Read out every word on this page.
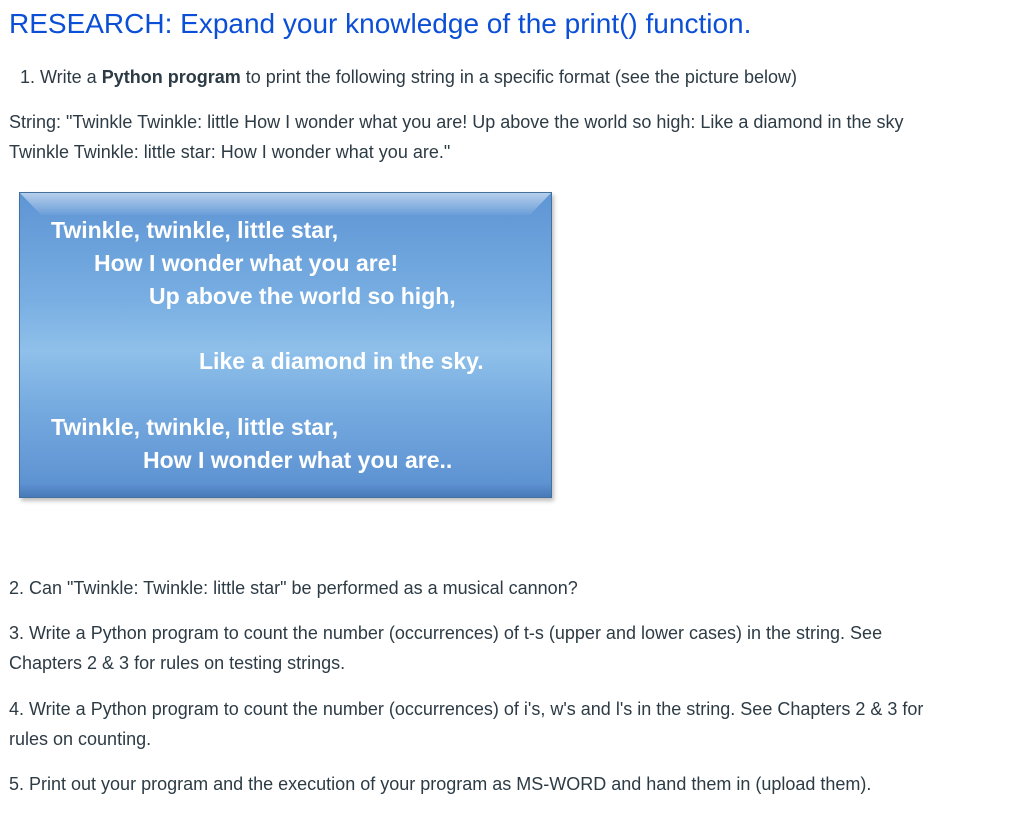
RESEARCH: Expand your knowledge of the print() function.

1. Write a Python program to print the following string in a specific format (see the picture below)

String: "Twinkle Twinkle: little How I wonder what you are! Up above the world so high: Like a diamond in the sky
Twinkle Twinkle: little star: How I wonder what you are."

Twinkle, twinkle, little star,

How I wonder what you are!

Up above the world so high,

Like a diamond in the sky.

Twinkle, twinkle, little star,

How I wonder what you are..

2. Can "Twinkle: Twinkle: little star" be performed as a musical cannon?

3. Write a Python program to count the number (occurrences) of t-s (upper and lower cases) in the string. See
Chapters 2 & 3 for rules on testing strings.

4. Write a Python program to count the number (occurrences) of i's, w's and l's in the string. See Chapters 2 & 3 for
rules on counting.

5. Print out your program and the execution of your program as MS-WORD and hand them in (upload them).
